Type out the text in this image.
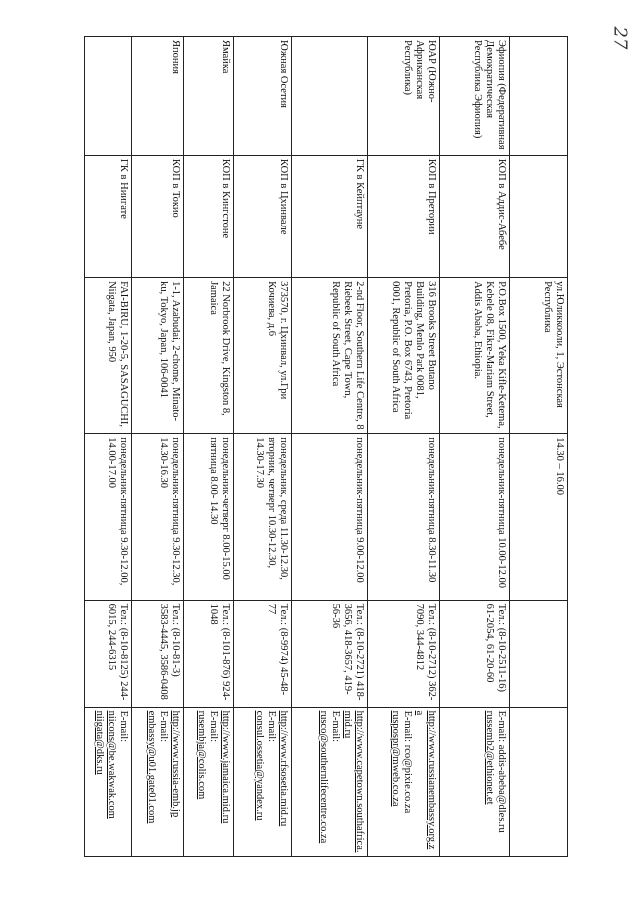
27
		ул.Юликкооли, 1, Эстонская Республика	14.30 – 16.00		
Эфиопия (Федеративная Демократическая Республика Эфиопия)	КОП в Аддис-Абебе	P.O.Box 1500, Yeka Kifle-Ketema, Kebele 08, Fikre-Mariam Street, Addis Ababa, Ethiopia.	понедельник-пятница 10.00-12.00	Тел.: (8-10-2511-16) 61-2054, 61-20-60	E-mail: addis-abeba@dles.ru
russemb2@ethionet.et

ЮАР (Южно-Африканская Республика)	КОП в Претории	316 Brooks Street Butano Building, Menlo Park 0081, Pretoria, P.O. Box 6743, Pretoria 0001, Republic of South Africa	понедельник-пятница 8.30-11.30	Тел.: (8-10-2712) 362-7090, 344-4812	http://www.russianembassy.org.za
E-mail: rco@pixie.co.za
ruspospr@mweb.co.za

	ГК в Кейптауне	2-nd Floor, Southern Life Centre, 8 Riebeek Street, Cape Town, Republic of South Africa	понедельник-пятница 9.00-12.00	Тел.: (8-10-2721) 418-3656, 418-3657, 419-56-36	http://www.capetown.southafrica.mid.ru
E-mail:
rusco@southernlifecentre.co.za

Южная Осетия	КОП в Цхинвале	373570, г. Цхинвал, ул.Гри Кочиева, д.6	понедельник, среда 11.30-12.30, вторник, четверг 10.30-12.30, 14.30-17.30	Тел.: (8-9974) 45-48-77	http://www.rfsosetia.mid.ru
E-mail:
consul.ossetia@yandex.ru

Ямайка	КОП в Кингстоне	22 Norbrook Drive, Kingston 8, Jamaica	понедельник-четверг 8.00-15.00 пятница 8.00- 14.30	Тел.: (8-101-876) 924-1048	http://www.jamaica.mid.ru
E-mail:
rusembja@colis.com

Япония	КОП в Токио	1-1, Azabudai, 2-chome, Minato-ku, Tokyo, Japan, 106-0041	понедельник-пятница 9.30-12.30, 14.30-16.30	Тел.: (8-10-81-3) 3583-4445, 3586-0408	http://www.russia-emb.jp
E-mail:
embassy@u01.gate01.com

	ГК в Ниигате	FAI-BIRU, 1-20-5, SASAGUCHI, Niigata, Japan, 950	понедельник-пятница 9.30-12.00, 14.00-17.00	Тел.: (8-10-8125) 244-6015, 244-6315	E-mail:
niicons@be.wakwak.com
niigata@dks.ru
